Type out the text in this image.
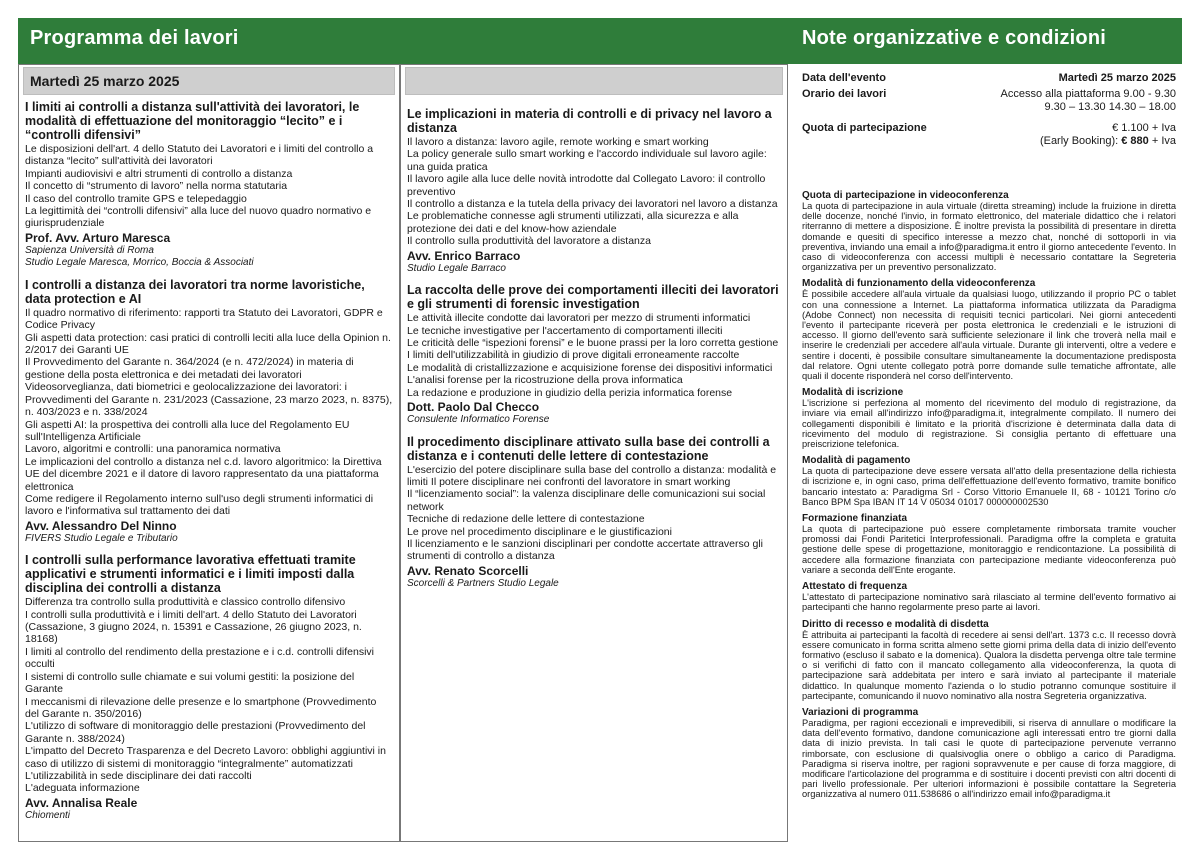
Programma dei lavori	Note organizzative e condizioni
Martedì 25 marzo 2025
I limiti ai controlli a distanza sull'attività dei lavoratori, le modalità di effettuazione del monitoraggio “lecito” e i “controlli difensivi”
Le disposizioni dell'art. 4 dello Statuto dei Lavoratori e i limiti del controllo a distanza “lecito” sull'attività dei lavoratori
Impianti audiovisivi e altri strumenti di controllo a distanza
Il concetto di “strumento di lavoro” nella norma statutaria
Il caso del controllo tramite GPS e telepedaggio
La legittimità dei “controlli difensivi” alla luce del nuovo quadro normativo e giurisprudenziale
Prof. Avv. Arturo Maresca
Sapienza Università di Roma
Studio Legale Maresca, Morrico, Boccia & Associati
I controlli a distanza dei lavoratori tra norme lavoristiche, data protection e AI
Il quadro normativo di riferimento: rapporti tra Statuto dei Lavoratori, GDPR e Codice Privacy
Gli aspetti data protection: casi pratici di controlli leciti alla luce della Opinion n. 2/2017 dei Garanti UE
Il Provvedimento del Garante n. 364/2024 (e n. 472/2024) in materia di gestione della posta elettronica e dei metadati dei lavoratori
Videosorveglianza, dati biometrici e geolocalizzazione dei lavoratori: i Provvedimenti del Garante n. 231/2023 (Cassazione, 23 marzo 2023, n. 8375), n. 403/2023 e n. 338/2024
Gli aspetti AI: la prospettiva dei controlli alla luce del Regolamento EU sull'Intelligenza Artificiale
Lavoro, algoritmi e controlli: una panoramica normativa
Le implicazioni del controllo a distanza nel c.d. lavoro algoritmico: la Direttiva UE del dicembre 2021 e il datore di lavoro rappresentato da una piattaforma elettronica
Come redigere il Regolamento interno sull'uso degli strumenti informatici di lavoro e l'informativa sul trattamento dei dati
Avv. Alessandro Del Ninno
FIVERS Studio Legale e Tributario
I controlli sulla performance lavorativa effettuati tramite applicativi e strumenti informatici e i limiti imposti dalla disciplina dei controlli a distanza
Differenza tra controllo sulla produttività e classico controllo difensivo
I controlli sulla produttività e i limiti dell'art. 4 dello Statuto dei Lavoratori (Cassazione, 3 giugno 2024, n. 15391 e Cassazione, 26 giugno 2023, n. 18168)
I limiti al controllo del rendimento della prestazione e i c.d. controlli difensivi occulti
I sistemi di controllo sulle chiamate e sui volumi gestiti: la posizione del Garante
I meccanismi di rilevazione delle presenze e lo smartphone (Provvedimento del Garante n. 350/2016)
L'utilizzo di software di monitoraggio delle prestazioni (Provvedimento del Garante n. 388/2024)
L'impatto del Decreto Trasparenza e del Decreto Lavoro: obblighi aggiuntivi in caso di utilizzo di sistemi di monitoraggio “integralmente” automatizzati
L'utilizzabilità in sede disciplinare dei dati raccolti
L'adeguata informazione
Avv. Annalisa Reale
Chiomenti
Le implicazioni in materia di controlli e di privacy nel lavoro a distanza
Il lavoro a distanza: lavoro agile, remote working e smart working
La policy generale sullo smart working e l'accordo individuale sul lavoro agile: una guida pratica
Il lavoro agile alla luce delle novità introdotte dal Collegato Lavoro: il controllo preventivo
Il controllo a distanza e la tutela della privacy dei lavoratori nel lavoro a distanza
Le problematiche connesse agli strumenti utilizzati, alla sicurezza e alla protezione dei dati e del know-how aziendale
Il controllo sulla produttività del lavoratore a distanza
Avv. Enrico Barraco
Studio Legale Barraco
La raccolta delle prove dei comportamenti illeciti dei lavoratori e gli strumenti di forensic investigation
Le attività illecite condotte dai lavoratori per mezzo di strumenti informatici
Le tecniche investigative per l'accertamento di comportamenti illeciti
Le criticità delle “ispezioni forensi” e le buone prassi per la loro corretta gestione
I limiti dell'utilizzabilità in giudizio di prove digitali erroneamente raccolte
Le modalità di cristallizzazione e acquisizione forense dei dispositivi informatici
L'analisi forense per la ricostruzione della prova informatica
La redazione e produzione in giudizio della perizia informatica forense
Dott. Paolo Dal Checco
Consulente Informatico Forense
Il procedimento disciplinare attivato sulla base dei controlli a distanza e i contenuti delle lettere di contestazione
L'esercizio del potere disciplinare sulla base del controllo a distanza: modalità e limiti Il potere disciplinare nei confronti del lavoratore in smart working
Il “licenziamento social”: la valenza disciplinare delle comunicazioni sui social network
Tecniche di redazione delle lettere di contestazione
Le prove nel procedimento disciplinare e le giustificazioni
Il licenziamento e le sanzioni disciplinari per condotte accertate attraverso gli strumenti di controllo a distanza
Avv. Renato Scorcelli
Scorcelli & Partners Studio Legale
Data dell'evento	Martedì 25 marzo 2025
Orario dei lavori	Accesso alla piattaforma 9.00 - 9.30
9.30 – 13.30 14.30 – 18.00
Quota di partecipazione	€ 1.100 + Iva
(Early Booking): € 880 + Iva
Quota di partecipazione in videoconferenza
La quota di partecipazione in aula virtuale (diretta streaming) include la fruizione in diretta delle docenze, nonché l'invio, in formato elettronico, del materiale didattico che i relatori riterranno di mettere a disposizione. È inoltre prevista la possibilità di presentare in diretta domande e quesiti di specifico interesse a mezzo chat, nonché di sottoporli in via preventiva, inviando una email a info@paradigma.it entro il giorno antecedente l'evento. In caso di videoconferenza con accessi multipli è necessario contattare la Segreteria organizzativa per un preventivo personalizzato.
Modalità di funzionamento della videoconferenza
È possibile accedere all'aula virtuale da qualsiasi luogo, utilizzando il proprio PC o tablet con una connessione a Internet. La piattaforma informatica utilizzata da Paradigma (Adobe Connect) non necessita di requisiti tecnici particolari. Nei giorni antecedenti l'evento il partecipante riceverà per posta elettronica le credenziali e le istruzioni di accesso. Il giorno dell'evento sarà sufficiente selezionare il link che troverà nella mail e inserire le credenziali per accedere all'aula virtuale. Durante gli interventi, oltre a vedere e sentire i docenti, è possibile consultare simultaneamente la documentazione predisposta dal relatore. Ogni utente collegato potrà porre domande sulle tematiche affrontate, alle quali il docente risponderà nel corso dell'intervento.
Modalità di iscrizione
L'iscrizione si perfeziona al momento del ricevimento del modulo di registrazione, da inviare via email all'indirizzo info@paradigma.it, integralmente compilato. Il numero dei collegamenti disponibili è limitato e la priorità d'iscrizione è determinata dalla data di ricevimento del modulo di registrazione. Si consiglia pertanto di effettuare una preiscrizione telefonica.
Modalità di pagamento
La quota di partecipazione deve essere versata all'atto della presentazione della richiesta di iscrizione e, in ogni caso, prima dell'effettuazione dell'evento formativo, tramite bonifico bancario intestato a: Paradigma Srl - Corso Vittorio Emanuele II, 68 - 10121 Torino c/o Banco BPM Spa IBAN IT 14 V 05034 01017 000000002530
Formazione finanziata
La quota di partecipazione può essere completamente rimborsata tramite voucher promossi dai Fondi Paritetici Interprofessionali. Paradigma offre la completa e gratuita gestione delle spese di progettazione, monitoraggio e rendicontazione. La possibilità di accedere alla formazione finanziata con partecipazione mediante videoconferenza può variare a seconda dell'Ente erogante.
Attestato di frequenza
L'attestato di partecipazione nominativo sarà rilasciato al termine dell'evento formativo ai partecipanti che hanno regolarmente preso parte ai lavori.
Diritto di recesso e modalità di disdetta
È attribuita ai partecipanti la facoltà di recedere ai sensi dell'art. 1373 c.c. Il recesso dovrà essere comunicato in forma scritta almeno sette giorni prima della data di inizio dell'evento formativo (escluso il sabato e la domenica). Qualora la disdetta pervenga oltre tale termine o si verifichi di fatto con il mancato collegamento alla videoconferenza, la quota di partecipazione sarà addebitata per intero e sarà inviato al partecipante il materiale didattico. In qualunque momento l'azienda o lo studio potranno comunque sostituire il partecipante, comunicando il nuovo nominativo alla nostra Segreteria organizzativa.
Variazioni di programma
Paradigma, per ragioni eccezionali e imprevedibili, si riserva di annullare o modificare la data dell'evento formativo, dandone comunicazione agli interessati entro tre giorni dalla data di inizio prevista. In tali casi le quote di partecipazione pervenute verranno rimborsate, con esclusione di qualsivoglia onere o obbligo a carico di Paradigma. Paradigma si riserva inoltre, per ragioni sopravvenute e per cause di forza maggiore, di modificare l'articolazione del programma e di sostituire i docenti previsti con altri docenti di pari livello professionale. Per ulteriori informazioni è possibile contattare la Segreteria organizzativa al numero 011.538686 o all'indirizzo email info@paradigma.it
